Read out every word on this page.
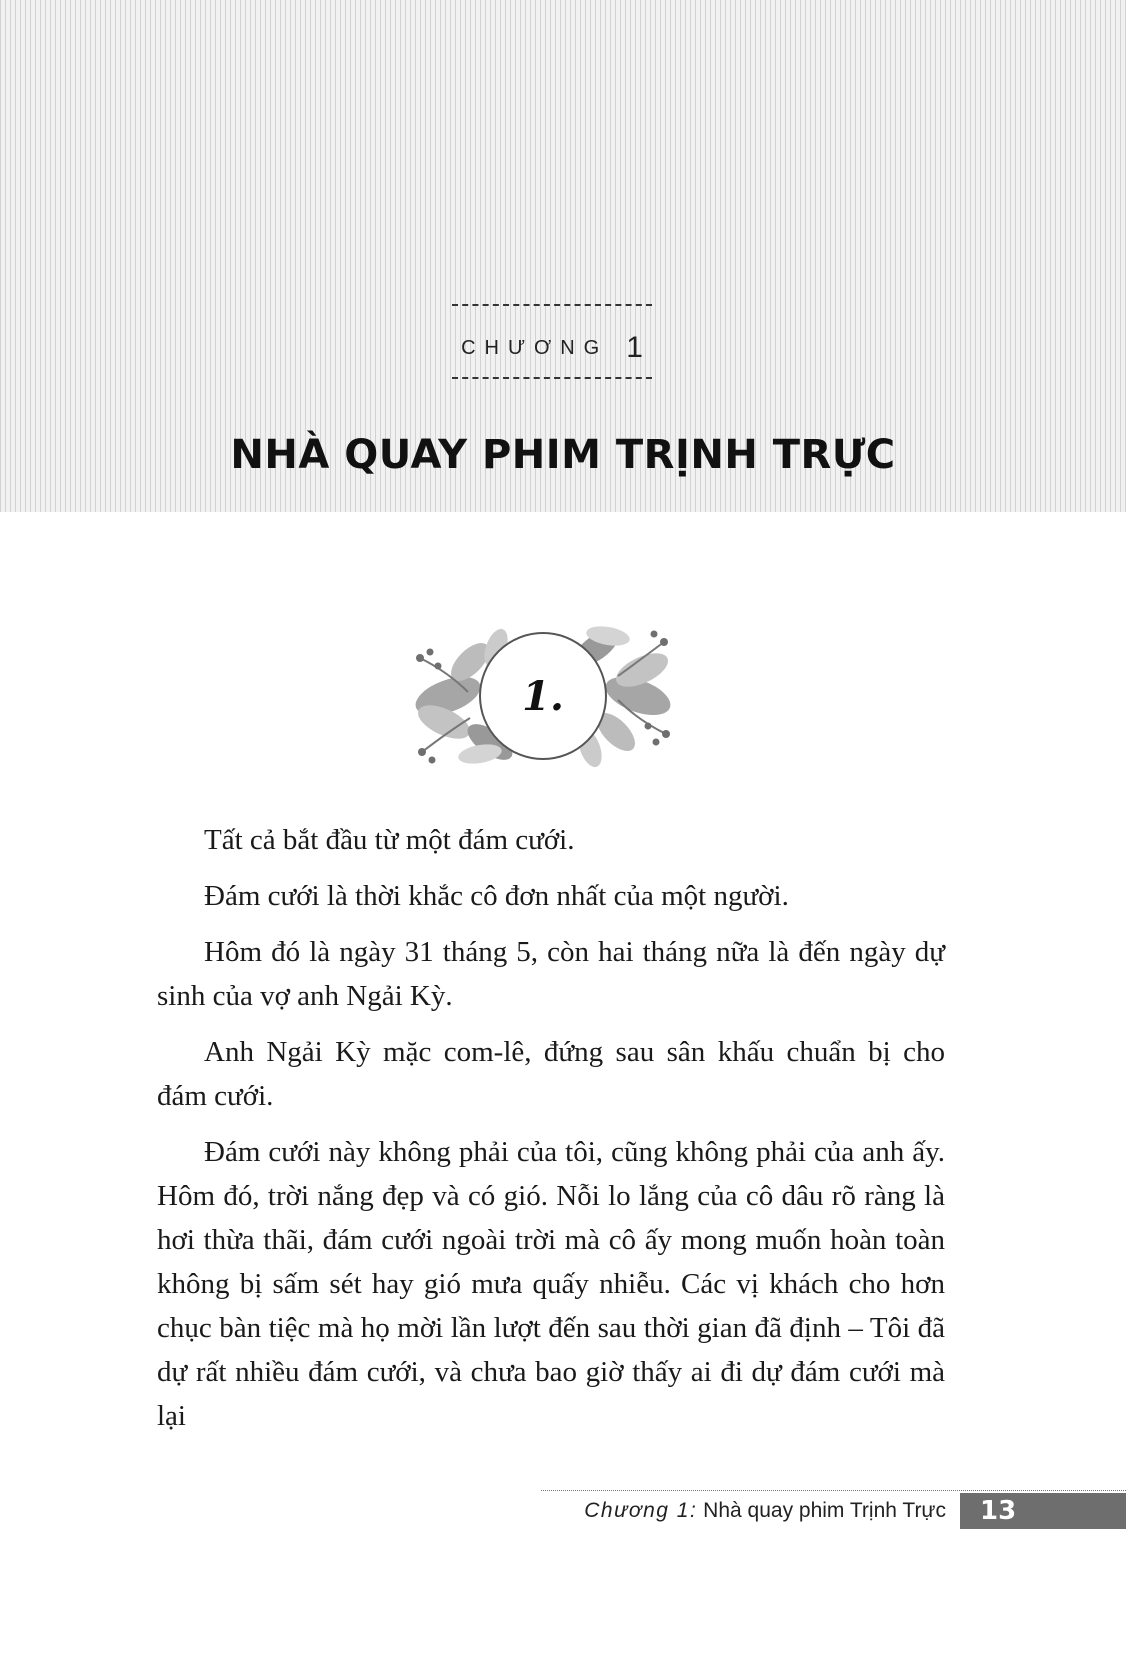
CHƯƠNG 1
NHÀ QUAY PHIM TRỊNH TRỰC
1.

Tất cả bắt đầu từ một đám cưới.

Đám cưới là thời khắc cô đơn nhất của một người.

Hôm đó là ngày 31 tháng 5, còn hai tháng nữa là đến ngày dự sinh của vợ anh Ngải Kỳ.

Anh Ngải Kỳ mặc com-lê, đứng sau sân khấu chuẩn bị cho đám cưới.

Đám cưới này không phải của tôi, cũng không phải của anh ấy. Hôm đó, trời nắng đẹp và có gió. Nỗi lo lắng của cô dâu rõ ràng là hơi thừa thãi, đám cưới ngoài trời mà cô ấy mong muốn hoàn toàn không bị sấm sét hay gió mưa quấy nhiễu. Các vị khách cho hơn chục bàn tiệc mà họ mời lần lượt đến sau thời gian đã định – Tôi đã dự rất nhiều đám cưới, và chưa bao giờ thấy ai đi dự đám cưới mà lại

Chương 1: Nhà quay phim Trịnh Trực	13
